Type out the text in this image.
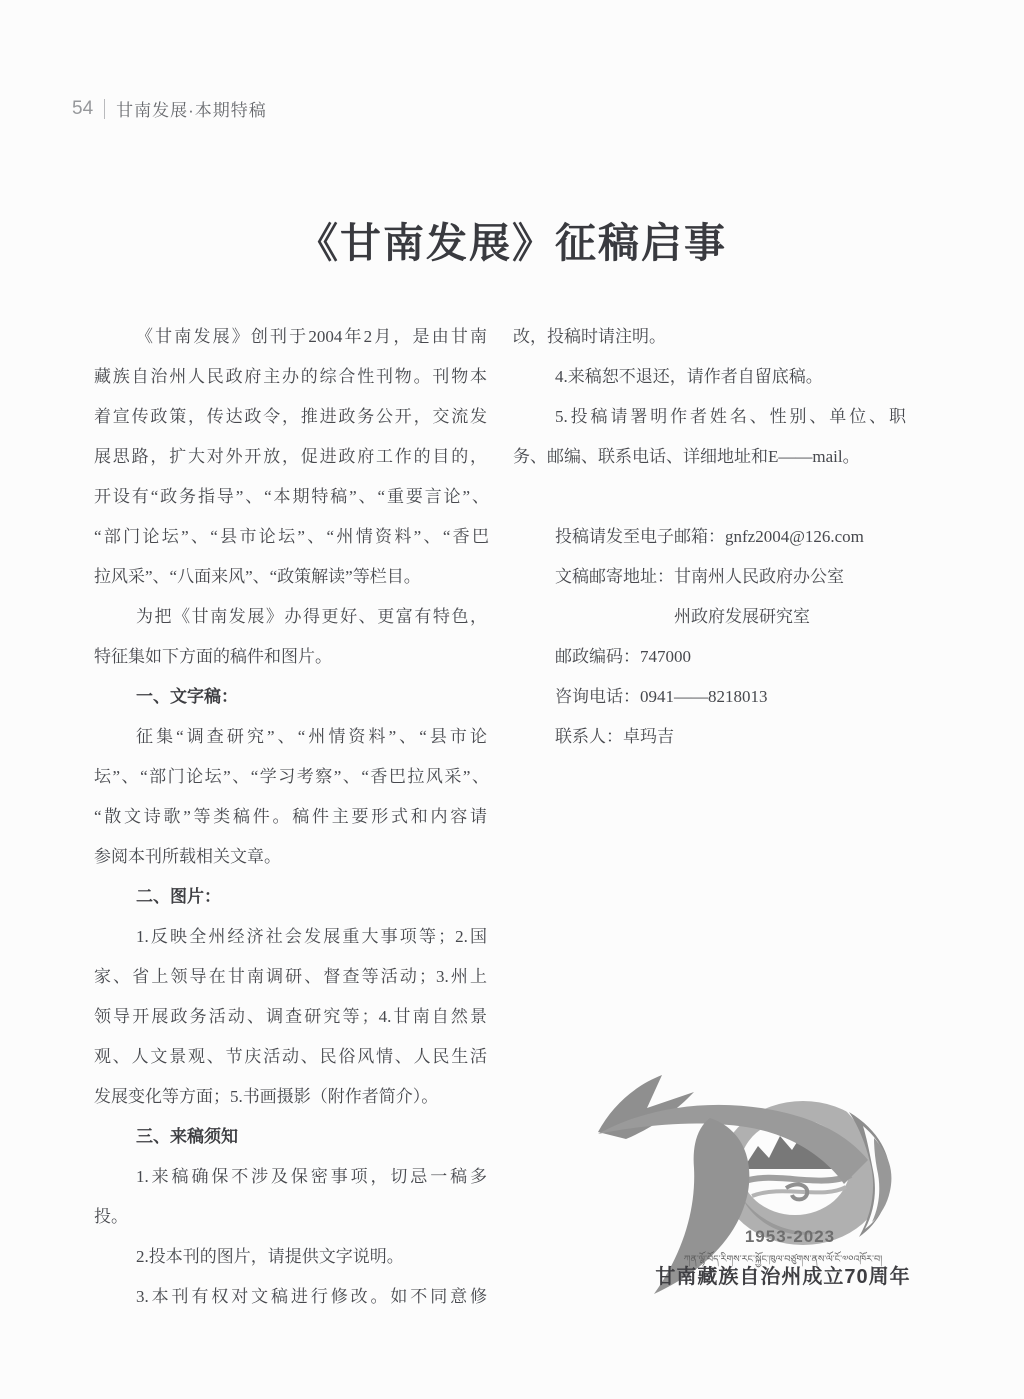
54 甘南发展·本期特稿
《甘南发展》征稿启事
《甘南发展》创刊于2004年2月，是由甘南
藏族自治州人民政府主办的综合性刊物。刊物本
着宣传政策，传达政令，推进政务公开，交流发
展思路，扩大对外开放，促进政府工作的目的，
开设有“政务指导”、“本期特稿”、“重要言论”、
“部门论坛”、“县市论坛”、“州情资料”、“香巴
拉风采”、“八面来风”、“政策解读”等栏目。
为把《甘南发展》办得更好、更富有特色，
特征集如下方面的稿件和图片。
一、文字稿：
征集“调查研究”、“州情资料”、“县市论
坛”、“部门论坛”、“学习考察”、“香巴拉风采”、
“散文诗歌”等类稿件。稿件主要形式和内容请
参阅本刊所载相关文章。
二、图片：
1.反映全州经济社会发展重大事项等；2.国
家、省上领导在甘南调研、督查等活动；3.州上
领导开展政务活动、调查研究等；4.甘南自然景
观、人文景观、节庆活动、民俗风情、人民生活
发展变化等方面；5.书画摄影（附作者简介）。
三、来稿须知
1.来稿确保不涉及保密事项，切忌一稿多
投。
2.投本刊的图片，请提供文字说明。
3.本刊有权对文稿进行修改。如不同意修
改，投稿时请注明。
4.来稿恕不退还，请作者自留底稿。
5.投稿请署明作者姓名、性别、单位、职
务、邮编、联系电话、详细地址和E——mail。
投稿请发至电子邮箱：gnfz2004@126.com
文稿邮寄地址：甘南州人民政府办公室
州政府发展研究室
邮政编码：747000
咨询电话：0941——8218013
联系人：卓玛吉
1953-2023
ཀན་ལྷོ་བོད་རིགས་རང་སྐྱོང་ཁུལ་བཙུགས་ནས་ལོ་ངོ་༧༠འཁོར་བ།
甘南藏族自治州成立70周年
